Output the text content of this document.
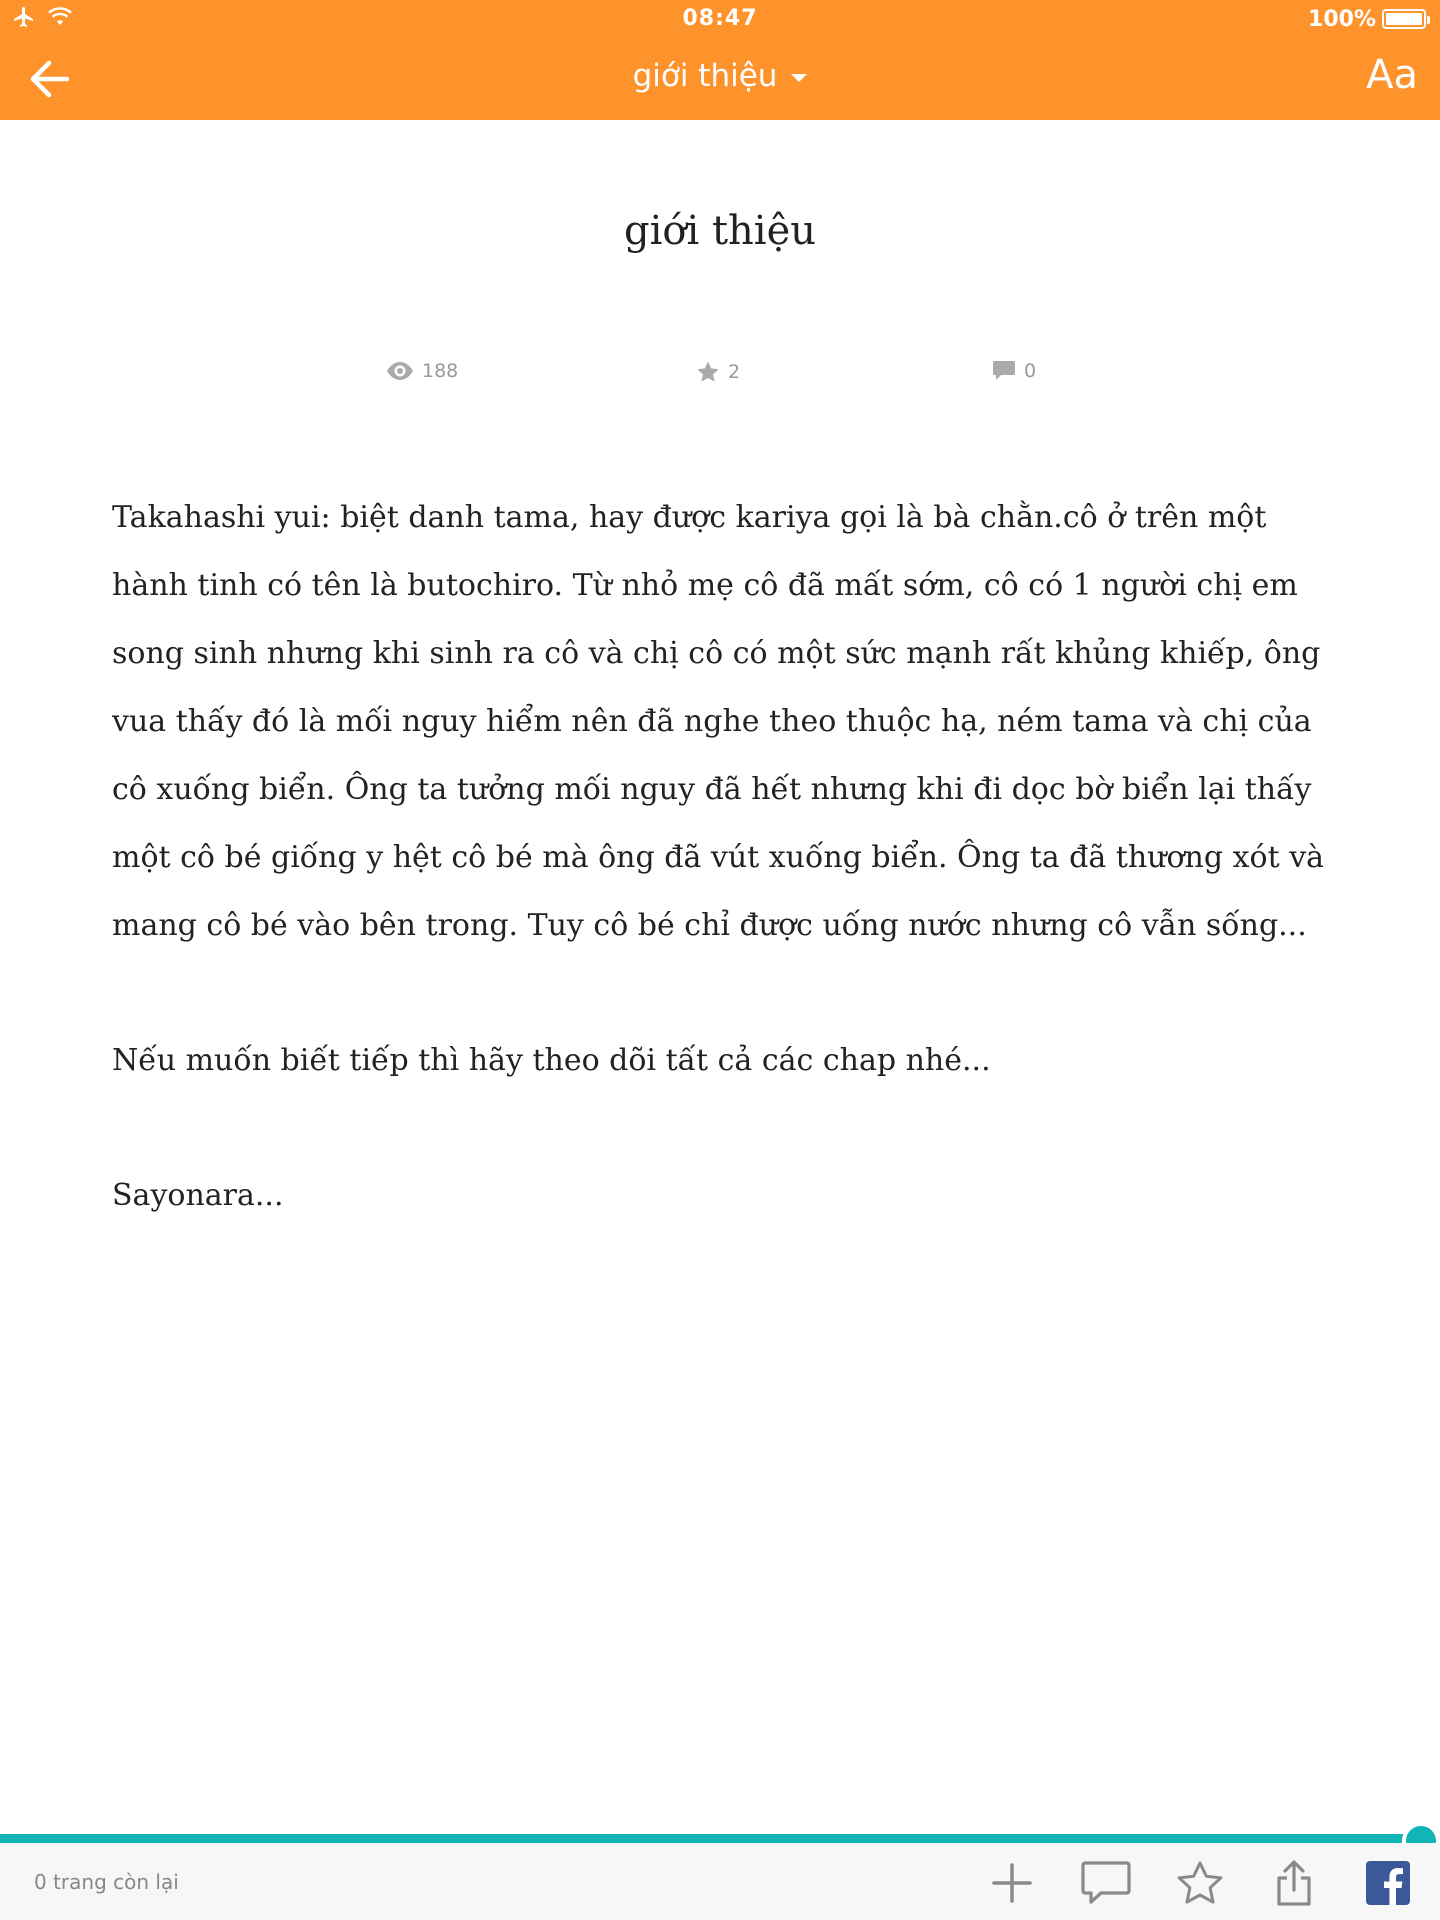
08:47	100%
giới thiệu	Aa
giới thiệu
188	2	0

Takahashi yui: biệt danh tama, hay được kariya gọi là bà chằn.cô ở trên một hành tinh có tên là butochiro. Từ nhỏ mẹ cô đã mất sớm, cô có 1 người chị em song sinh nhưng khi sinh ra cô và chị cô có một sức mạnh rất khủng khiếp, ông vua thấy đó là mối nguy hiểm nên đã nghe theo thuộc hạ, ném tama và chị của cô xuống biển. Ông ta tưởng mối nguy đã hết nhưng khi đi dọc bờ biển lại thấy một cô bé giống y hệt cô bé mà ông đã vút xuống biển. Ông ta đã thương xót và mang cô bé vào bên trong. Tuy cô bé chỉ được uống nước nhưng cô vẫn sống...

Nếu muốn biết tiếp thì hãy theo dõi tất cả các chap nhé...

Sayonara...

0 trang còn lại
